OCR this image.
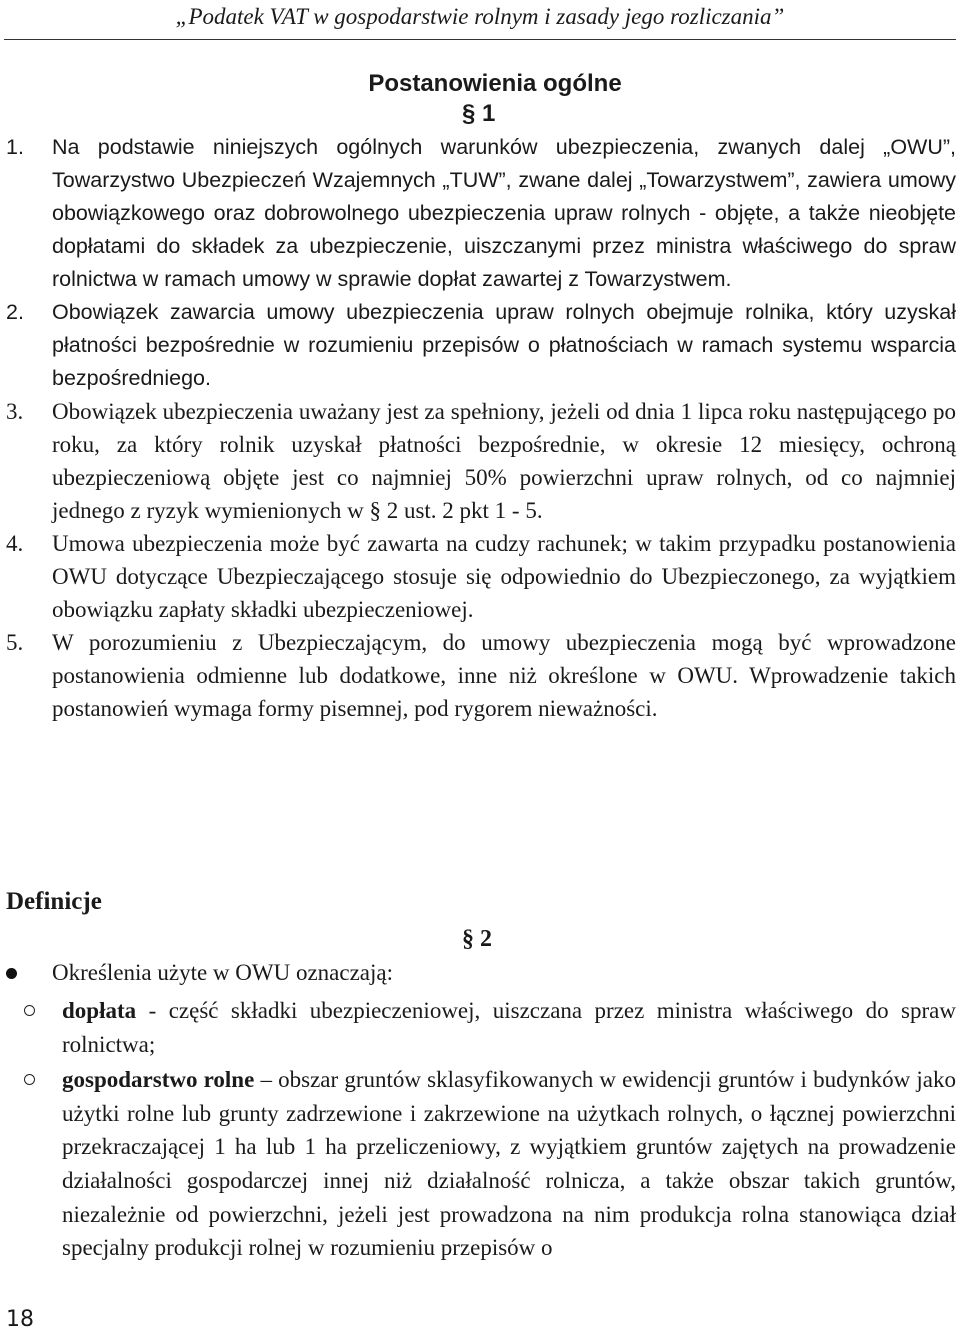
„Podatek VAT w gospodarstwie rolnym i zasady jego rozliczania”
Postanowienia ogólne
§ 1
1. Na podstawie niniejszych ogólnych warunków ubezpieczenia, zwanych dalej „OWU”, Towarzystwo Ubezpieczeń Wzajemnych „TUW”, zwane dalej „Towarzystwem”, zawiera umowy obowiązkowego oraz dobrowolnego ubezpieczenia upraw rolnych - objęte, a także nieobjęte dopłatami do składek za ubezpieczenie, uiszczanymi przez ministra właściwego do spraw rolnictwa w ramach umowy w sprawie dopłat zawartej z Towarzystwem.
2. Obowiązek zawarcia umowy ubezpieczenia upraw rolnych obejmuje rolnika, który uzyskał płatności bezpośrednie w rozumieniu przepisów o płatnościach w ramach systemu wsparcia bezpośredniego.
3. Obowiązek ubezpieczenia uważany jest za spełniony, jeżeli od dnia 1 lipca roku następującego po roku, za który rolnik uzyskał płatności bezpośrednie, w okresie 12 miesięcy, ochroną ubezpieczeniową objęte jest co najmniej 50% powierzchni upraw rolnych, od co najmniej jednego z ryzyk wymienionych w § 2 ust. 2 pkt 1 - 5.
4. Umowa ubezpieczenia może być zawarta na cudzy rachunek; w takim przypadku postanowienia OWU dotyczące Ubezpieczającego stosuje się odpowiednio do Ubezpieczonego, za wyjątkiem obowiązku zapłaty składki ubezpieczeniowej.
5. W porozumieniu z Ubezpieczającym, do umowy ubezpieczenia mogą być wprowadzone postanowienia odmienne lub dodatkowe, inne niż określone w OWU. Wprowadzenie takich postanowień wymaga formy pisemnej, pod rygorem nieważności.
Definicje
§ 2
Określenia użyte w OWU oznaczają:
dopłata - część składki ubezpieczeniowej, uiszczana przez ministra właściwego do spraw rolnictwa;
gospodarstwo rolne – obszar gruntów sklasyfikowanych w ewidencji gruntów i budynków jako użytki rolne lub grunty zadrzewione i zakrzewione na użytkach rolnych, o łącznej powierzchni przekraczającej 1 ha lub 1 ha przeliczeniowy, z wyjątkiem gruntów zajętych na prowadzenie działalności gospodarczej innej niż działalność rolnicza, a także obszar takich gruntów, niezależnie od powierzchni, jeżeli jest prowadzona na nim produkcja rolna stanowiąca dział specjalny produkcji rolnej w rozumieniu przepisów o
18
